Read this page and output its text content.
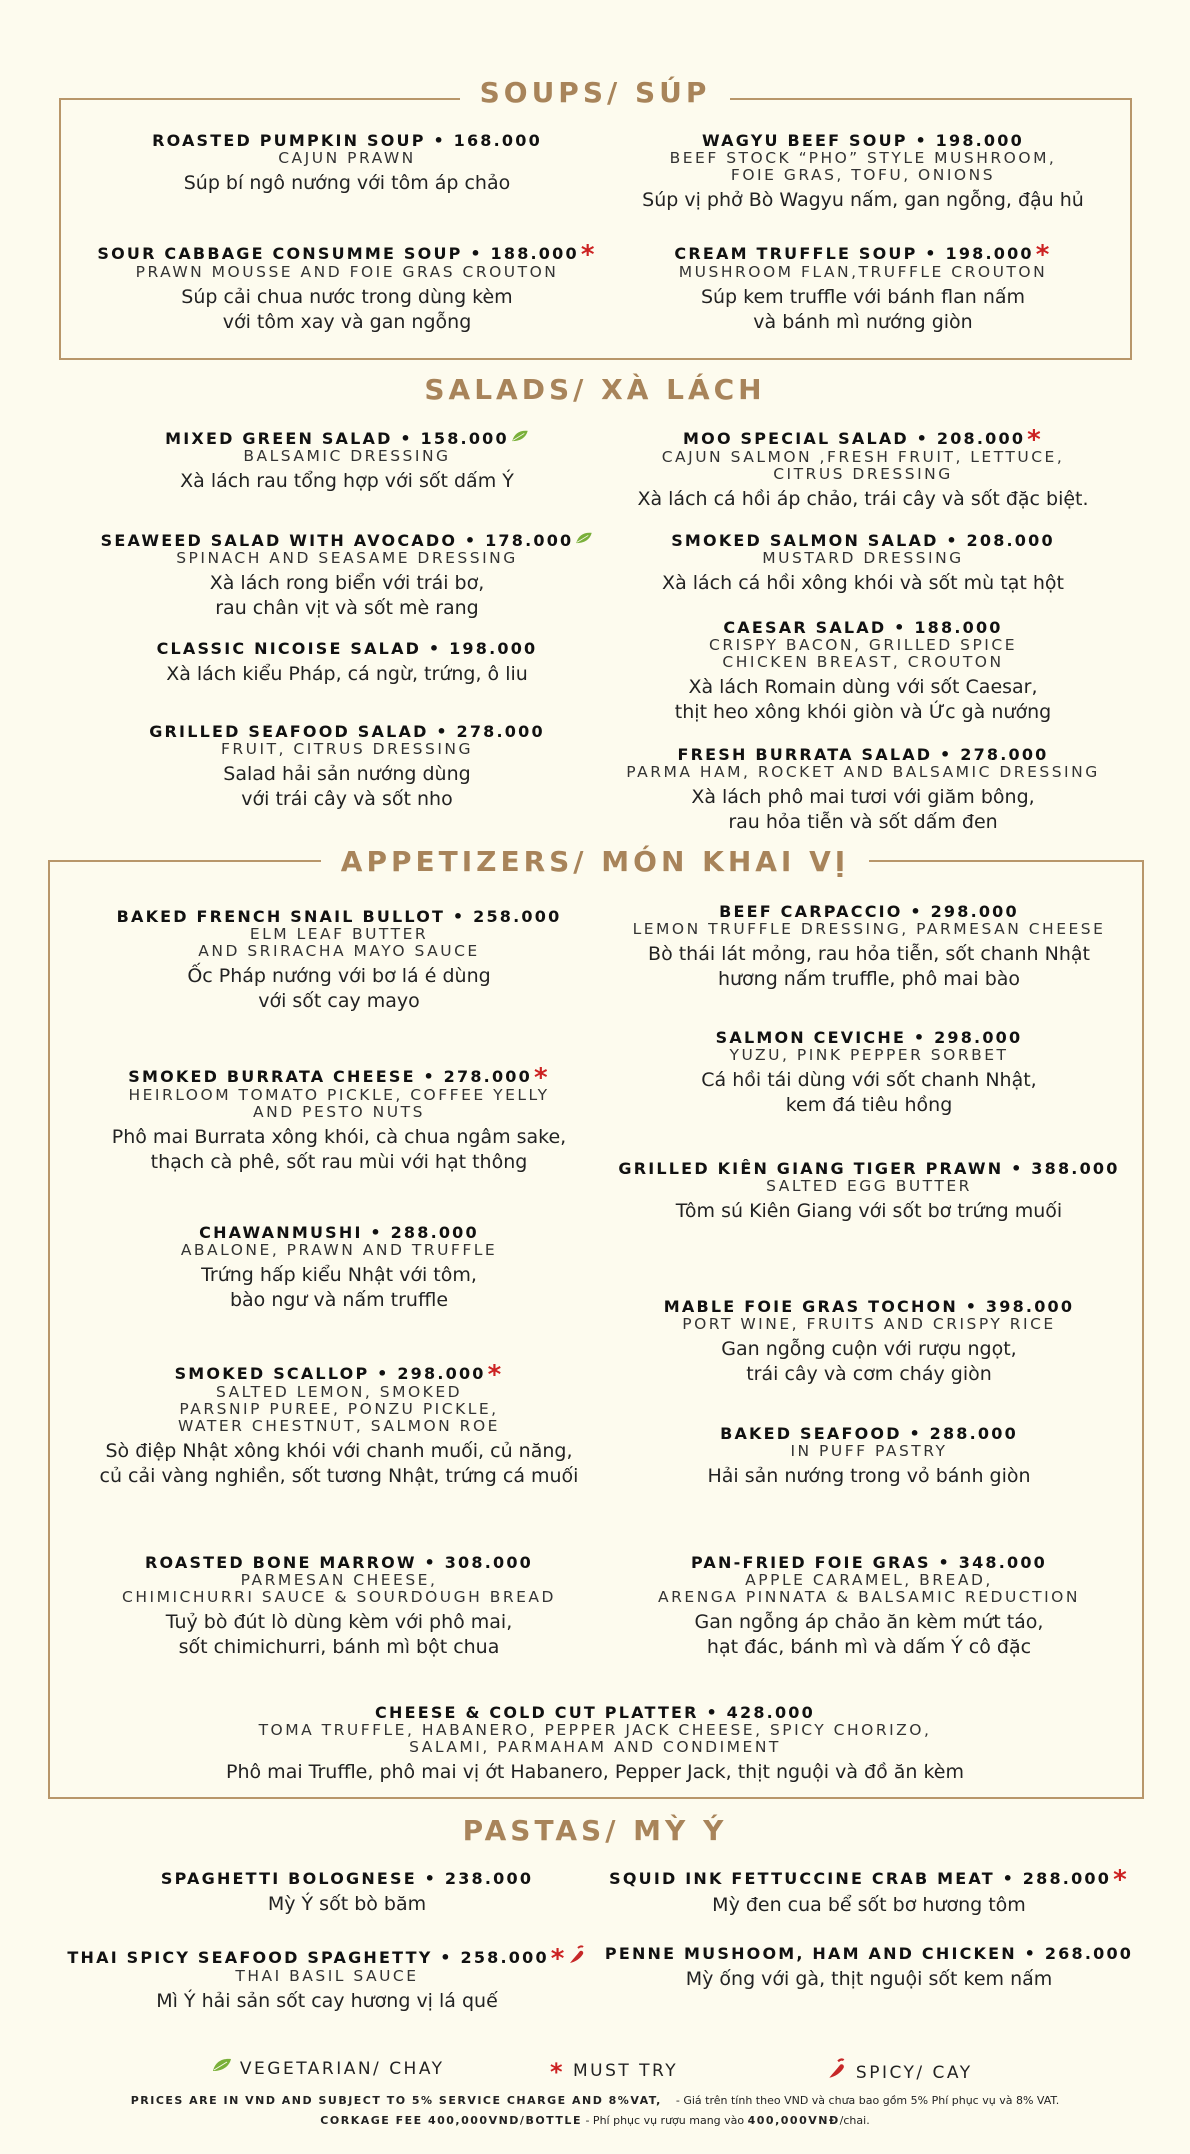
SOUPS/ SÚP
ROASTED PUMPKIN SOUP • 168.000
CAJUN PRAWN
Súp bí ngô nướng với tôm áp chảo
WAGYU BEEF SOUP • 198.000
BEEF STOCK “PHO” STYLE MUSHROOM,
FOIE GRAS, TOFU, ONIONS
Súp vị phở Bò Wagyu nấm, gan ngỗng, đậu hủ
SOUR CABBAGE CONSUMME SOUP • 188.000*
PRAWN MOUSSE AND FOIE GRAS CROUTON
Súp cải chua nước trong dùng kèm
với tôm xay và gan ngỗng
CREAM TRUFFLE SOUP • 198.000*
MUSHROOM FLAN,TRUFFLE CROUTON
Súp kem truffle với bánh flan nấm
và bánh mì nướng giòn
SALADS/ XÀ LÁCH
MIXED GREEN SALAD • 158.000
BALSAMIC DRESSING
Xà lách rau tổng hợp với sốt dấm Ý
MOO SPECIAL SALAD • 208.000*
CAJUN SALMON ,FRESH FRUIT, LETTUCE,
CITRUS DRESSING
Xà lách cá hồi áp chảo, trái cây và sốt đặc biệt.
SEAWEED SALAD WITH AVOCADO • 178.000
SPINACH AND SEASAME DRESSING
Xà lách rong biển với trái bơ,
rau chân vịt và sốt mè rang
SMOKED SALMON SALAD • 208.000
MUSTARD DRESSING
Xà lách cá hồi xông khói và sốt mù tạt hột
CLASSIC NICOISE SALAD • 198.000
Xà lách kiểu Pháp, cá ngừ, trứng, ô liu
CAESAR SALAD • 188.000
CRISPY BACON, GRILLED SPICE
CHICKEN BREAST, CROUTON
Xà lách Romain dùng với sốt Caesar,
thịt heo xông khói giòn và Ức gà nướng
GRILLED SEAFOOD SALAD • 278.000
FRUIT, CITRUS DRESSING
Salad hải sản nướng dùng
với trái cây và sốt nho
FRESH BURRATA SALAD • 278.000
PARMA HAM, ROCKET AND BALSAMIC DRESSING
Xà lách phô mai tươi với giăm bông,
rau hỏa tiễn và sốt dấm đen
APPETIZERS/ MÓN KHAI VỊ
BAKED FRENCH SNAIL BULLOT • 258.000
ELM LEAF BUTTER
AND SRIRACHA MAYO SAUCE
Ốc Pháp nướng với bơ lá é dùng
với sốt cay mayo
BEEF CARPACCIO • 298.000
LEMON TRUFFLE DRESSING, PARMESAN CHEESE
Bò thái lát mỏng, rau hỏa tiễn, sốt chanh Nhật
hương nấm truffle, phô mai bào
SALMON CEVICHE • 298.000
YUZU, PINK PEPPER SORBET
Cá hồi tái dùng với sốt chanh Nhật,
kem đá tiêu hồng
SMOKED BURRATA CHEESE • 278.000*
HEIRLOOM TOMATO PICKLE, COFFEE YELLY
AND PESTO NUTS
Phô mai Burrata xông khói, cà chua ngâm sake,
thạch cà phê, sốt rau mùi với hạt thông	GRILLED KIÊN GIANG TIGER PRAWN • 388.000
SALTED EGG BUTTER
Tôm sú Kiên Giang với sốt bơ trứng muối
CHAWANMUSHI • 288.000
ABALONE, PRAWN AND TRUFFLE
Trứng hấp kiểu Nhật với tôm,
bào ngư và nấm truffle	MABLE FOIE GRAS TOCHON • 398.000
PORT WINE, FRUITS AND CRISPY RICE
Gan ngỗng cuộn với rượu ngọt,
trái cây và cơm cháy giòn
SMOKED SCALLOP • 298.000*
SALTED LEMON, SMOKED
PARSNIP PUREE, PONZU PICKLE,
WATER CHESTNUT, SALMON ROE
Sò điệp Nhật xông khói với chanh muối, củ năng,
củ cải vàng nghiền, sốt tương Nhật, trứng cá muối
BAKED SEAFOOD • 288.000
IN PUFF PASTRY
Hải sản nướng trong vỏ bánh giòn
ROASTED BONE MARROW • 308.000
PARMESAN CHEESE,
CHIMICHURRI SAUCE & SOURDOUGH BREAD
Tuỷ bò đút lò dùng kèm với phô mai,
sốt chimichurri, bánh mì bột chua
PAN-FRIED FOIE GRAS • 348.000
APPLE CARAMEL, BREAD,
ARENGA PINNATA & BALSAMIC REDUCTION
Gan ngỗng áp chảo ăn kèm mứt táo,
hạt đác, bánh mì và dấm Ý cô đặc
CHEESE & COLD CUT PLATTER • 428.000
TOMA TRUFFLE, HABANERO, PEPPER JACK CHEESE, SPICY CHORIZO,
SALAMI, PARMAHAM AND CONDIMENT
Phô mai Truffle, phô mai vị ớt Habanero, Pepper Jack, thịt nguội và đồ ăn kèm
PASTAS/ MỲ Ý
SPAGHETTI BOLOGNESE • 238.000
Mỳ Ý sốt bò băm
SQUID INK FETTUCCINE CRAB MEAT • 288.000*
Mỳ đen cua bể sốt bơ hương tôm
THAI SPICY SEAFOOD SPAGHETTY • 258.000*
THAI BASIL SAUCE
Mì Ý hải sản sốt cay hương vị lá quế
PENNE MUSHOOM, HAM AND CHICKEN • 268.000
Mỳ ống với gà, thịt nguội sốt kem nấm
VEGETARIAN/ CHAY	* MUST TRY	SPICY/ CAY
PRICES ARE IN VND AND SUBJECT TO 5% SERVICE CHARGE AND 8%VAT, - Giá trên tính theo VND và chưa bao gồm 5% Phí phục vụ và 8% VAT.
CORKAGE FEE 400,000VND/BOTTLE - Phí phục vụ rượu mang vào 400,000VNĐ/chai.
